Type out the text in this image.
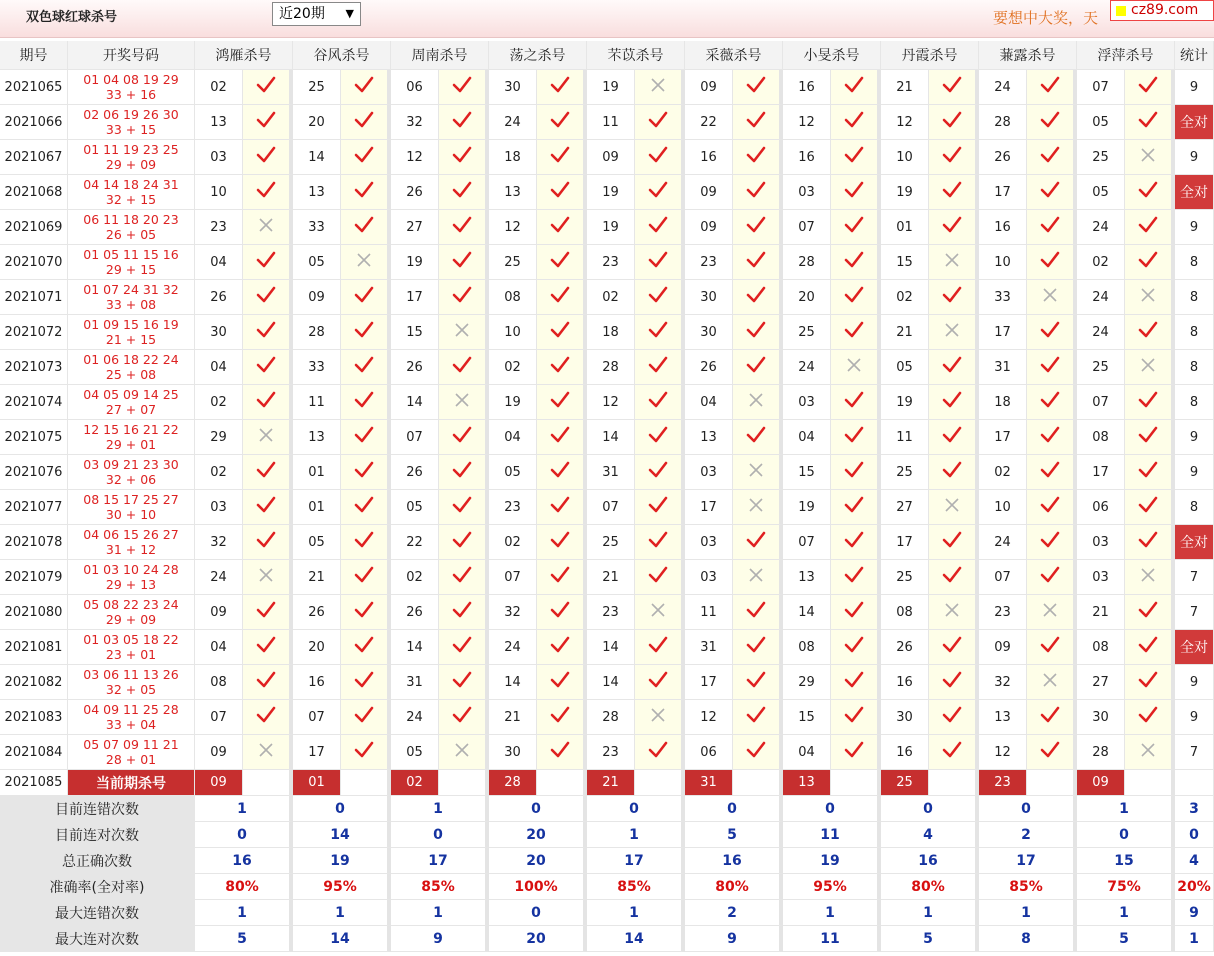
双色球红球杀号	近20期 ▼	要想中大奖，天	cz89.com
期号	开奖号码	鸿雁杀号		谷风杀号		周南杀号		荡之杀号		芣苡杀号		采薇杀号		小旻杀号		丹霞杀号		蒹露杀号		浮萍杀号		统计
2021065	01 04 08 19 29
33 + 16	02		25		06		30		19		09		16		21		24		07		9
2021066	02 06 19 26 30
33 + 15	13		20		32		24		11		22		12		12		28		05		全对
2021067	01 11 19 23 25
29 + 09	03		14		12		18		09		16		16		10		26		25		9
2021068	04 14 18 24 31
32 + 15	10		13		26		13		19		09		03		19		17		05		全对
2021069	06 11 18 20 23
26 + 05	23		33		27		12		19		09		07		01		16		24		9
2021070	01 05 11 15 16
29 + 15	04		05		19		25		23		23		28		15		10		02		8
2021071	01 07 24 31 32
33 + 08	26		09		17		08		02		30		20		02		33		24		8
2021072	01 09 15 16 19
21 + 15	30		28		15		10		18		30		25		21		17		24		8
2021073	01 06 18 22 24
25 + 08	04		33		26		02		28		26		24		05		31		25		8
2021074	04 05 09 14 25
27 + 07	02		11		14		19		12		04		03		19		18		07		8
2021075	12 15 16 21 22
29 + 01	29		13		07		04		14		13		04		11		17		08		9
2021076	03 09 21 23 30
32 + 06	02		01		26		05		31		03		15		25		02		17		9
2021077	08 15 17 25 27
30 + 10	03		01		05		23		07		17		19		27		10		06		8
2021078	04 06 15 26 27
31 + 12	32		05		22		02		25		03		07		17		24		03		全对
2021079	01 03 10 24 28
29 + 13	24		21		02		07		21		03		13		25		07		03		7
2021080	05 08 22 23 24
29 + 09	09		26		26		32		23		11		14		08		23		21		7
2021081	01 03 05 18 22
23 + 01	04		20		14		24		14		31		08		26		09		08		全对
2021082	03 06 11 13 26
32 + 05	08		16		31		14		14		17		29		16		32		27		9
2021083	04 09 11 25 28
33 + 04	07		07		24		21		28		12		15		30		13		30		9
2021084	05 07 09 11 21
28 + 01	09		17		05		30		23		06		04		16		12		28		7
2021085	当前期杀号	09		01		02		28		21		31		13		25		23		09		
目前连错次数		1		0		1		0		0		0		0		0		0		1		3
目前连对次数		0		14		0		20		1		5		11		4		2		0		0
总正确次数		16		19		17		20		17		16		19		16		17		15		4
准确率(全对率)		80%		95%		85%		100%		85%		80%		95%		80%		85%		75%		20%
最大连错次数		1		1		1		0		1		2		1		1		1		1		9
最大连对次数		5		14		9		20		14		9		11		5		8		5		1
